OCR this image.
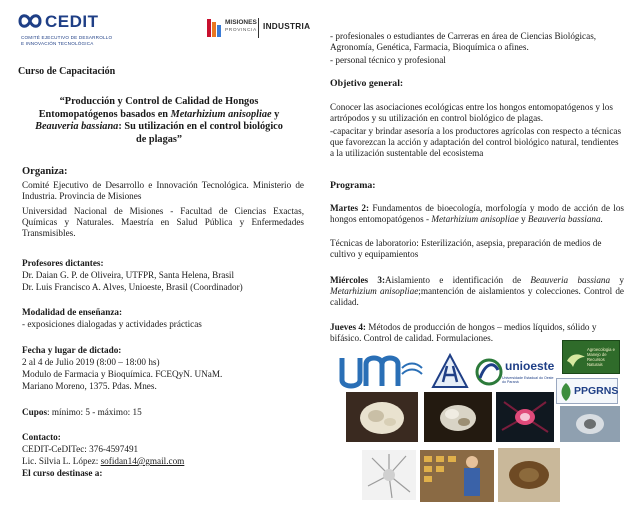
CEDIT
COMITÉ EJECUTIVO DE DESARROLLO
E INNOVACIÓN TECNOLÓGICA
MISIONES
PROVINCIA INDUSTRIA
Curso de Capacitación
“Producción y Control de Calidad de Hongos
Entomopatógenos basados en Metarhizium anisopliae y
Beauveria bassiana: Su utilización en el control biológico
de plagas”
Organiza:
Comité Ejecutivo de Desarrollo e Innovación Tecnológica. Ministerio de Industria. Provincia de Misiones
Universidad Nacional de Misiones - Facultad de Ciencias Exactas, Químicas y Naturales. Maestría en Salud Pública y Enfermedades Transmisibles.
Profesores dictantes:
Dr. Daian G. P. de Oliveira, UTFPR, Santa Helena, Brasil
Dr. Luis Francisco A. Alves, Unioeste, Brasil (Coordinador)
Modalidad de enseñanza:
- exposiciones dialogadas y actividades prácticas
Fecha y lugar de dictado:
2 al 4 de Julio 2019 (8:00 – 18:00 hs)
Modulo de Farmacia y Bioquímica. FCEQyN. UNaM.
Mariano Moreno, 1375. Pdas. Mnes.
Cupos: mínimo: 5 - máximo: 15
Contacto:
CEDIT-CeDITec: 376-4597491
Lic. Silvia L. López: sofidan14@gmail.com
El curso destinase a:
- profesionales o estudiantes de Carreras en área de Ciencias Biológicas, Agronomía, Genética, Farmacia, Bioquímica o afines.
- personal técnico y profesional
Objetivo general:
Conocer las asociaciones ecológicas entre los hongos entomopatógenos y los artrópodos y su utilización en control biológico de plagas.
-capacitar y brindar asesoría a los productores agrícolas con respecto a técnicas que favorezcan la acción y adaptación del control biológico natural, tendientes a la utilización sustentable del ecosistema
Programa:
Martes 2: Fundamentos de bioecología, morfología y modo de acción de los hongos entomopatógenos - Metarhizium anisopliae y Beauveria bassiana.
Técnicas de laboratorio: Esterilización, asepsia, preparación de medios de cultivo y equipamientos
Miércoles 3:Aislamiento e identificación de Beauveria bassiana y Metarhizium anisopliae;mantención de aislamientos y colecciones. Control de calidad.
Jueves 4: Métodos de producción de hongos – medios líquidos, sólido y bifásico. Control de calidad. Formulaciones.
unioeste
Universidade Estadual do Oeste do Paraná
Agroecologia e Manejo de Recursos Naturais
PPGRNS
